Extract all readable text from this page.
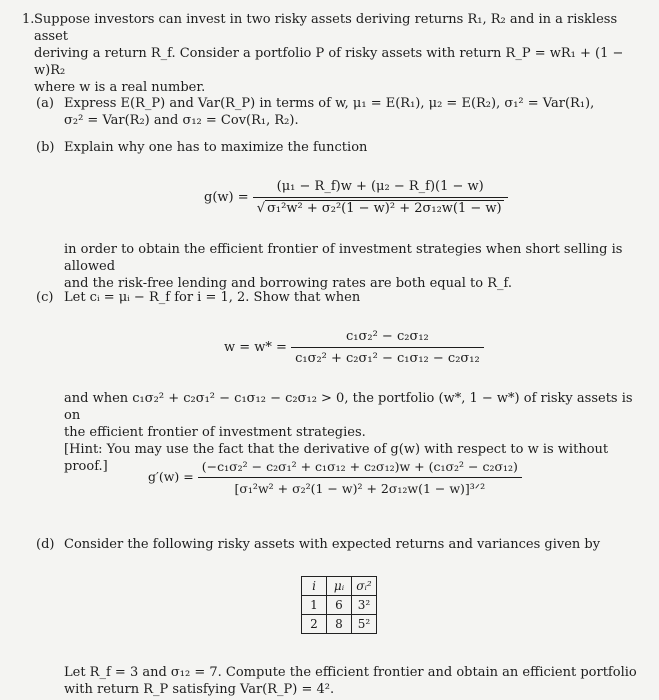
1. Suppose investors can invest in two risky assets deriving returns R₁, R₂ and in a riskless asset
deriving a return R_f. Consider a portfolio P of risky assets with return R_P = wR₁ + (1 − w)R₂
where w is a real number.
(a) Express E(R_P) and Var(R_P) in terms of w, μ₁ = E(R₁), μ₂ = E(R₂), σ₁² = Var(R₁),
σ₂² = Var(R₂) and σ₁₂ = Cov(R₁, R₂).
(b) Explain why one has to maximize the function
$g(w) = \frac{\text{(μ₁ − R\_f)w + (μ₂ − R\_f)(1 − w)}}{\text{√ σ₁²w² + σ₂²(1 − w)² + 2σ₁₂w(1 − w)}}$
in order to obtain the efficient frontier of investment strategies when short selling is allowed
and the risk-free lending and borrowing rates are both equal to R_f.
(c) Let cᵢ = μᵢ − R_f for i = 1, 2. Show that when
$w = w* = \frac{\text{c₁σ₂² − c₂σ₁₂}}{\text{c₁σ₂² + c₂σ₁² − c₁σ₁₂ − c₂σ₁₂}}$
and when c₁σ₂² + c₂σ₁² − c₁σ₁₂ − c₂σ₁₂ > 0, the portfolio (w*, 1 − w*) of risky assets is on
the efficient frontier of investment strategies.
[Hint: You may use the fact that the derivative of g(w) with respect to w is without proof.]
$g'(w) = \frac{\text{(−c₁σ₂² − c₂σ₁² + c₁σ₁₂ + c₂σ₁₂)w + (c₁σ₂² − c₂σ₁₂)}}{\text{[σ₁²w² + σ₂²(1 − w)² + 2σ₁₂w(1 − w)]³ᐟ²}}$
(d) Consider the following risky assets with expected returns and variances given by
i	μᵢ	σᵢ²
1	6	3²
2	8	5²
Let R_f = 3 and σ₁₂ = 7. Compute the efficient frontier and obtain an efficient portfolio
with return R_P satisfying Var(R_P) = 4².
